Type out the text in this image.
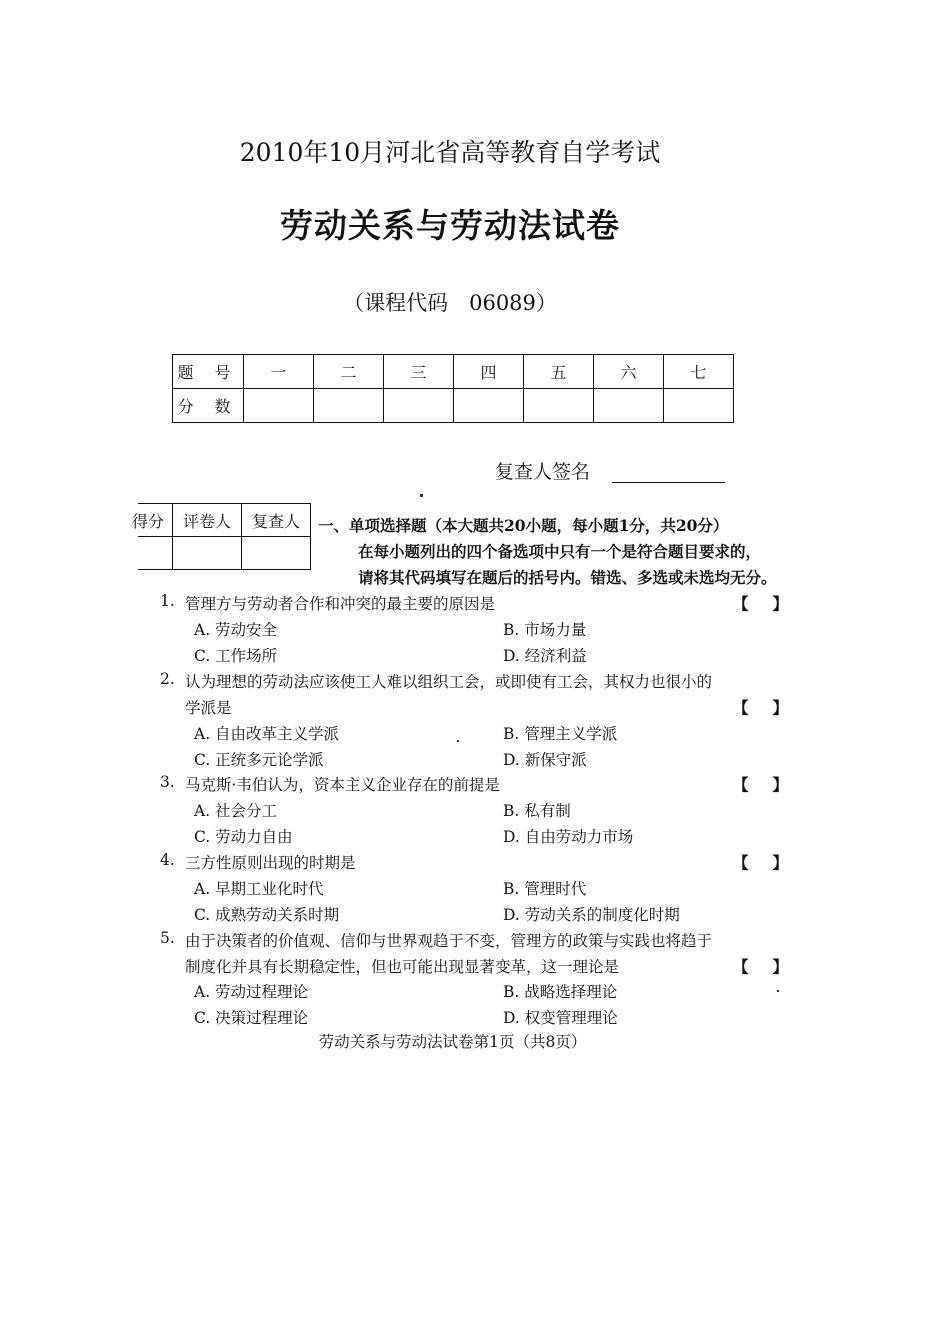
2010年10月河北省高等教育自学考试
劳动关系与劳动法试卷
（课程代码　06089）
题 号	一	二	三	四	五	六	七
分 数							
复查人签名
得分	评卷人	复查人
		一、单项选择题（本大题共20小题，每小题1分，共20分）
在每小题列出的四个备选项中只有一个是符合题目要求的，
请将其代码填写在题后的括号内。错选、多选或未选均无分。
1. 管理方与劳动者合作和冲突的最主要的原因是	【】
A. 劳动安全	B. 市场力量
C. 工作场所	D. 经济利益
2. 认为理想的劳动法应该使工人难以组织工会，或即使有工会，其权力也很小的
学派是	【】
A. 自由改革主义学派	B. 管理主义学派
C. 正统多元论学派	D. 新保守派
3. 马克斯·韦伯认为，资本主义企业存在的前提是	【】
A. 社会分工	B. 私有制
C. 劳动力自由	D. 自由劳动力市场
4. 三方性原则出现的时期是	【】
A. 早期工业化时代	B. 管理时代
C. 成熟劳动关系时期	D. 劳动关系的制度化时期
5. 由于决策者的价值观、信仰与世界观趋于不变，管理方的政策与实践也将趋于
制度化并具有长期稳定性，但也可能出现显著变革，这一理论是	【】
A. 劳动过程理论	B. 战略选择理论
C. 决策过程理论	D. 权变管理理论
劳动关系与劳动法试卷第1页（共8页）
